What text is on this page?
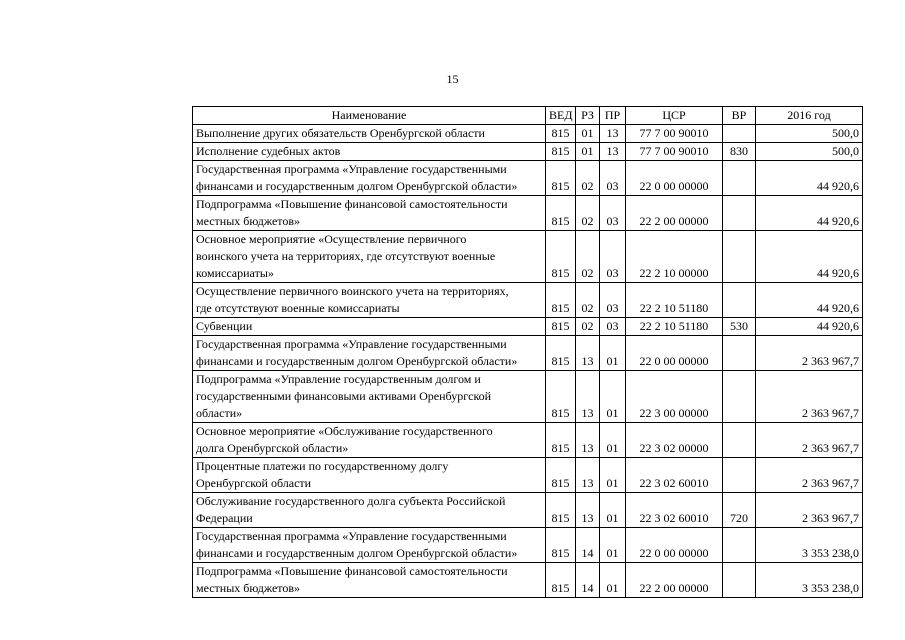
15
Наименование	ВЕД	РЗ	ПР	ЦСР	ВР	2016 год
Выполнение других обязательств Оренбургской области	815	01	13	77 7 00 90010		500,0
Исполнение судебных актов	815	01	13	77 7 00 90010	830	500,0
Государственная программа «Управление государственными
финансами и государственным долгом Оренбургской области»	815	02	03	22 0 00 00000		44 920,6
Подпрограмма «Повышение финансовой самостоятельности
местных бюджетов»	815	02	03	22 2 00 00000		44 920,6
Основное мероприятие «Осуществление первичного
воинского учета на территориях, где отсутствуют военные
комиссариаты»	815	02	03	22 2 10 00000		44 920,6
Осуществление первичного воинского учета на территориях,
где отсутствуют военные комиссариаты	815	02	03	22 2 10 51180		44 920,6
Субвенции	815	02	03	22 2 10 51180	530	44 920,6
Государственная программа «Управление государственными
финансами и государственным долгом Оренбургской области»	815	13	01	22 0 00 00000		2 363 967,7
Подпрограмма «Управление государственным долгом и
государственными финансовыми активами Оренбургской
области»	815	13	01	22 3 00 00000		2 363 967,7
Основное мероприятие «Обслуживание государственного
долга Оренбургской области»	815	13	01	22 3 02 00000		2 363 967,7
Процентные платежи по государственному долгу
Оренбургской области	815	13	01	22 3 02 60010		2 363 967,7
Обслуживание государственного долга субъекта Российской
Федерации	815	13	01	22 3 02 60010	720	2 363 967,7
Государственная программа «Управление государственными
финансами и государственным долгом Оренбургской области»	815	14	01	22 0 00 00000		3 353 238,0
Подпрограмма «Повышение финансовой самостоятельности
местных бюджетов»	815	14	01	22 2 00 00000		3 353 238,0
